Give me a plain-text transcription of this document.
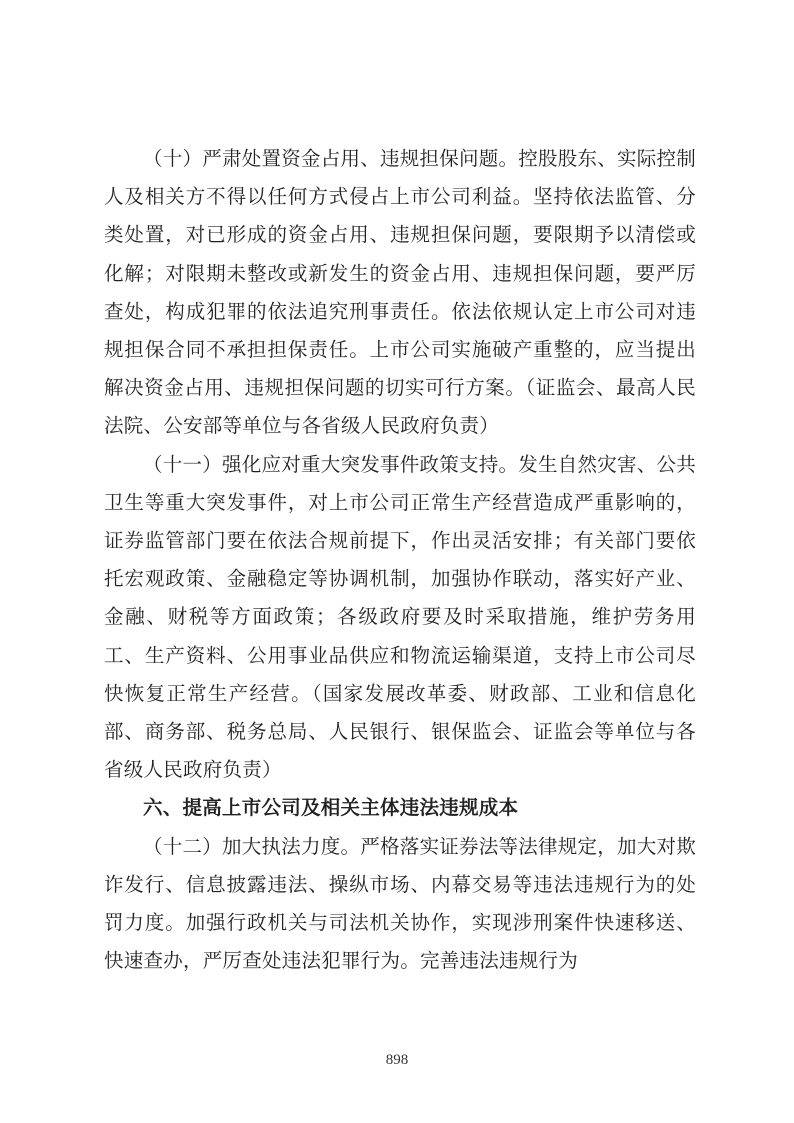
（十）严肃处置资金占用、违规担保问题。控股股东、实际控制人及相关方不得以任何方式侵占上市公司利益。坚持依法监管、分类处置，对已形成的资金占用、违规担保问题，要限期予以清偿或化解；对限期未整改或新发生的资金占用、违规担保问题，要严厉查处，构成犯罪的依法追究刑事责任。依法依规认定上市公司对违规担保合同不承担担保责任。上市公司实施破产重整的，应当提出解决资金占用、违规担保问题的切实可行方案。（证监会、最高人民法院、公安部等单位与各省级人民政府负责）

（十一）强化应对重大突发事件政策支持。发生自然灾害、公共卫生等重大突发事件，对上市公司正常生产经营造成严重影响的，证券监管部门要在依法合规前提下，作出灵活安排；有关部门要依托宏观政策、金融稳定等协调机制，加强协作联动，落实好产业、金融、财税等方面政策；各级政府要及时采取措施，维护劳务用工、生产资料、公用事业品供应和物流运输渠道，支持上市公司尽快恢复正常生产经营。（国家发展改革委、财政部、工业和信息化部、商务部、税务总局、人民银行、银保监会、证监会等单位与各省级人民政府负责）

六、提高上市公司及相关主体违法违规成本

（十二）加大执法力度。严格落实证券法等法律规定，加大对欺诈发行、信息披露违法、操纵市场、内幕交易等违法违规行为的处罚力度。加强行政机关与司法机关协作，实现涉刑案件快速移送、快速查办，严厉查处违法犯罪行为。完善违法违规行为

898
